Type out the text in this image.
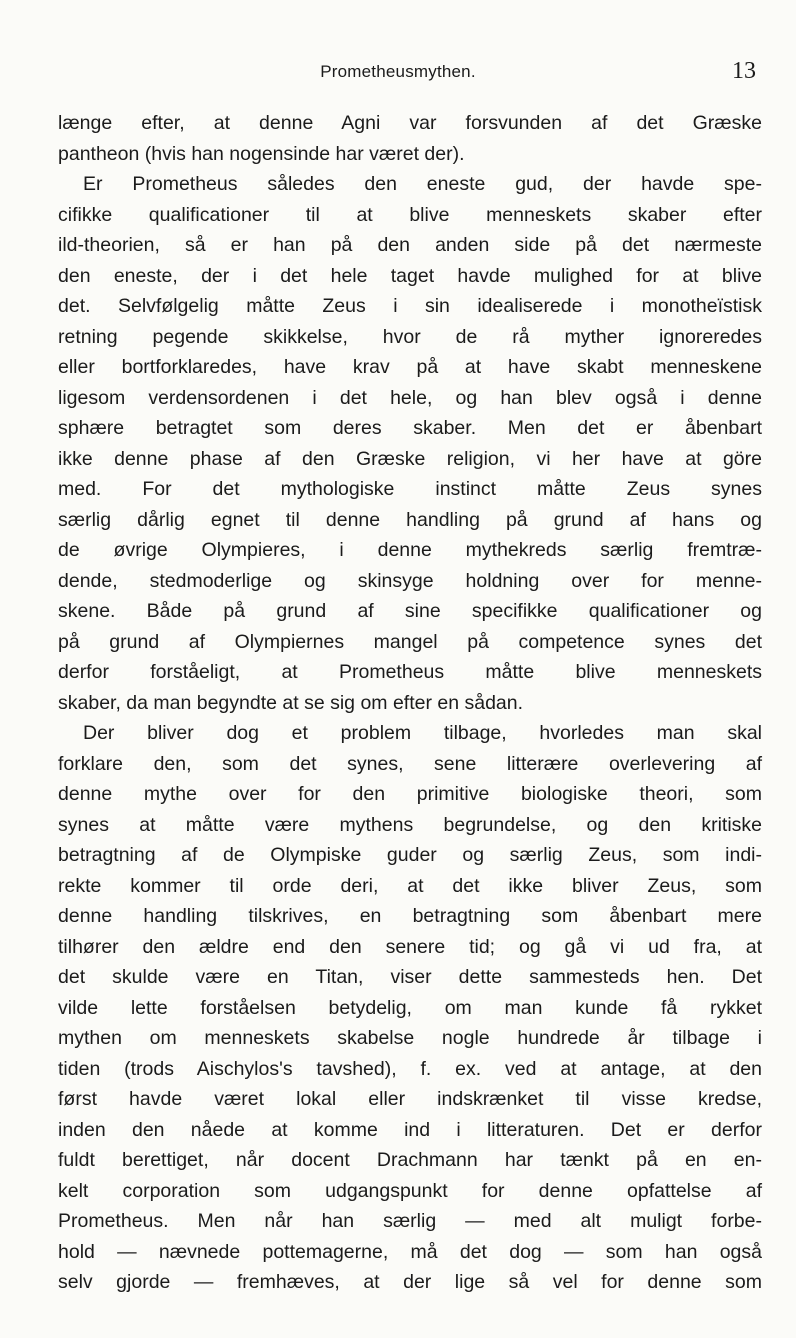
Prometheusmythen.	13
længe efter, at denne Agni var forsvunden af det Græske
pantheon (hvis han nogensinde har været der).
Er Prometheus således den eneste gud, der havde spe-
cifikke qualificationer til at blive menneskets skaber efter
ild-theorien, så er han på den anden side på det nærmeste
den eneste, der i det hele taget havde mulighed for at blive
det. Selvfølgelig måtte Zeus i sin idealiserede i monotheïstisk
retning pegende skikkelse, hvor de rå myther ignoreredes
eller bortforklaredes, have krav på at have skabt menneskene
ligesom verdensordenen i det hele, og han blev også i denne
sphære betragtet som deres skaber. Men det er åbenbart
ikke denne phase af den Græske religion, vi her have at göre
med. For det mythologiske instinct måtte Zeus synes
særlig dårlig egnet til denne handling på grund af hans og
de øvrige Olympieres, i denne mythekreds særlig fremtræ-
dende, stedmoderlige og skinsyge holdning over for menne-
skene. Både på grund af sine specifikke qualificationer og
på grund af Olympiernes mangel på competence synes det
derfor forståeligt, at Prometheus måtte blive menneskets
skaber, da man begyndte at se sig om efter en sådan.
Der bliver dog et problem tilbage, hvorledes man skal
forklare den, som det synes, sene litterære overlevering af
denne mythe over for den primitive biologiske theori, som
synes at måtte være mythens begrundelse, og den kritiske
betragtning af de Olympiske guder og særlig Zeus, som indi-
rekte kommer til orde deri, at det ikke bliver Zeus, som
denne handling tilskrives, en betragtning som åbenbart mere
tilhører den ældre end den senere tid; og gå vi ud fra, at
det skulde være en Titan, viser dette sammesteds hen. Det
vilde lette forståelsen betydelig, om man kunde få rykket
mythen om menneskets skabelse nogle hundrede år tilbage i
tiden (trods Aischylos's tavshed), f. ex. ved at antage, at den
først havde været lokal eller indskrænket til visse kredse,
inden den nåede at komme ind i litteraturen. Det er derfor
fuldt berettiget, når docent Drachmann har tænkt på en en-
kelt corporation som udgangspunkt for denne opfattelse af
Prometheus. Men når han særlig — med alt muligt forbe-
hold — nævnede pottemagerne, må det dog — som han også
selv gjorde — fremhæves, at der lige så vel for denne som
